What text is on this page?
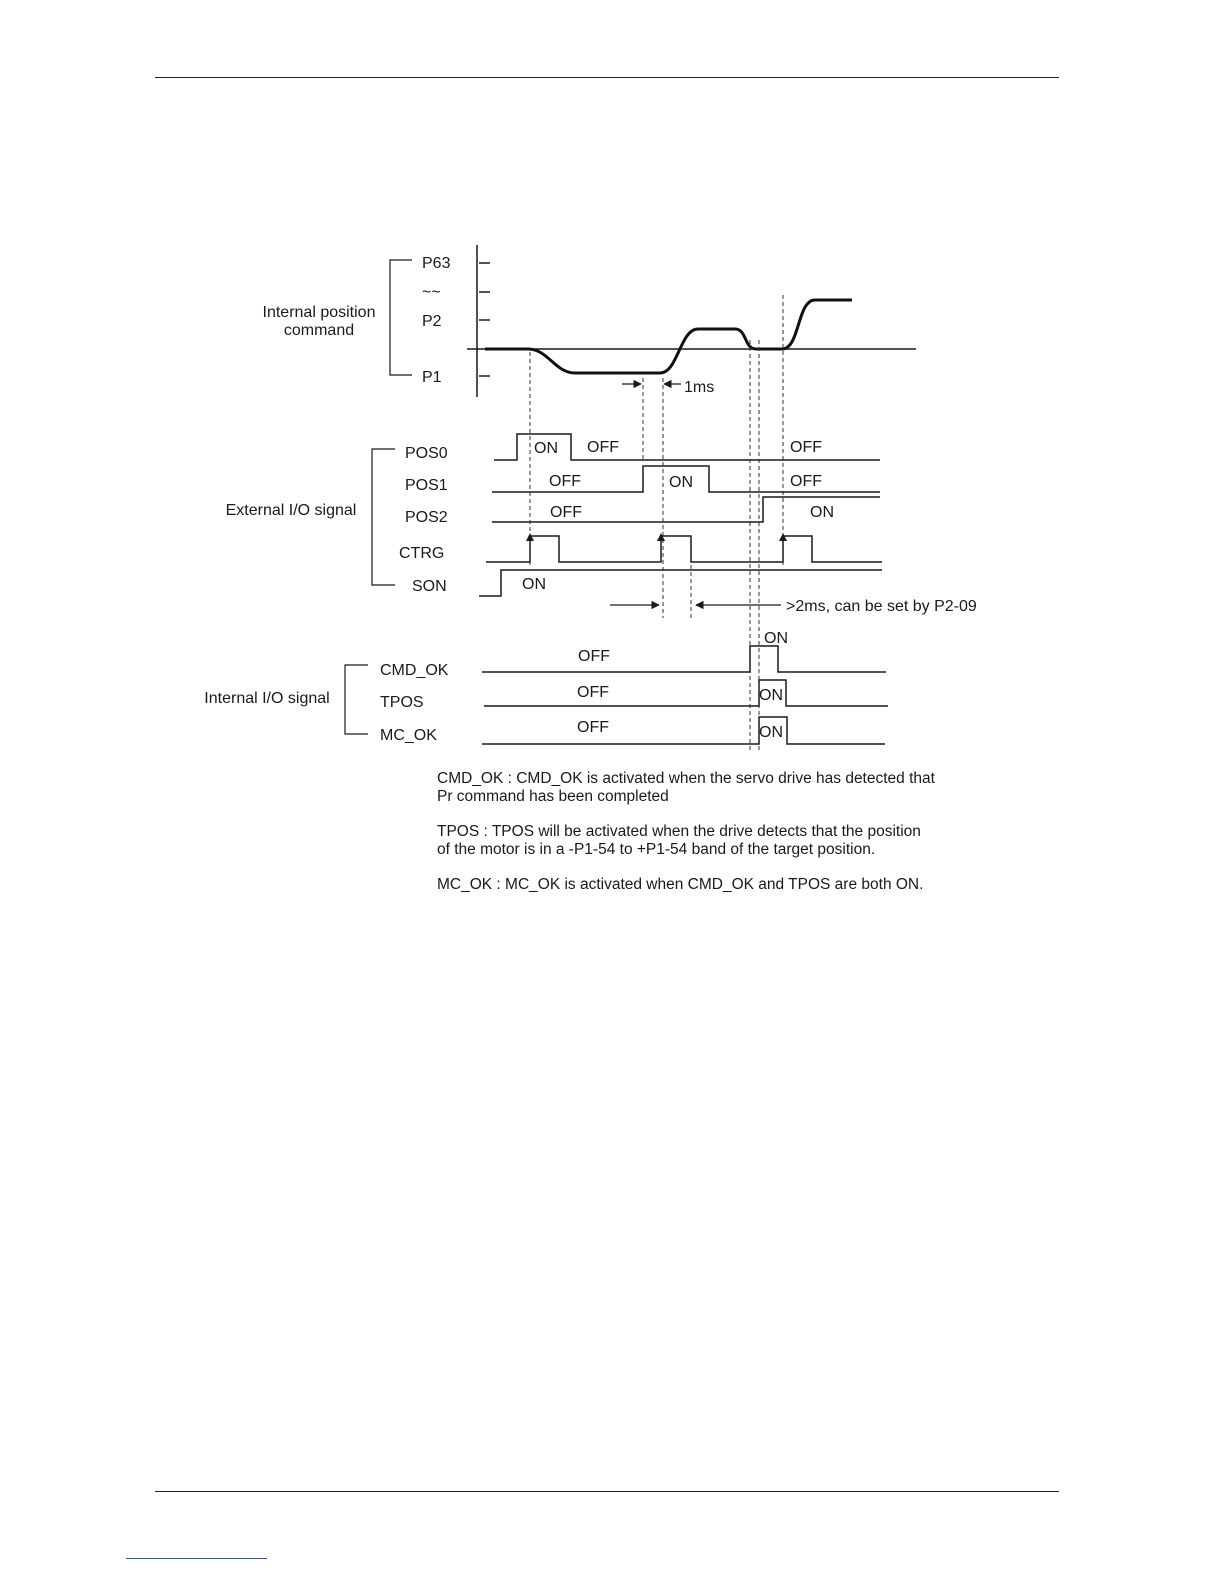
Internal position
command
P63
~~
P2
P1
1ms
External I/O signal
POS0
POS1
POS2
CTRG
SON
ON OFF	OFF
OFF	ON	OFF
OFF	ON
ON
>2ms, can be set by P2-09
Internal I/O signal
CMD_OK
TPOS
MC_OK
ON
OFF
OFF	ON
OFF	ON

CMD_OK : CMD_OK is activated when the servo drive has detected that
Pr command has been completed

TPOS : TPOS will be activated when the drive detects that the position
of the motor is in a -P1-54 to +P1-54 band of the target position.

MC_OK : MC_OK is activated when CMD_OK and TPOS are both ON.
